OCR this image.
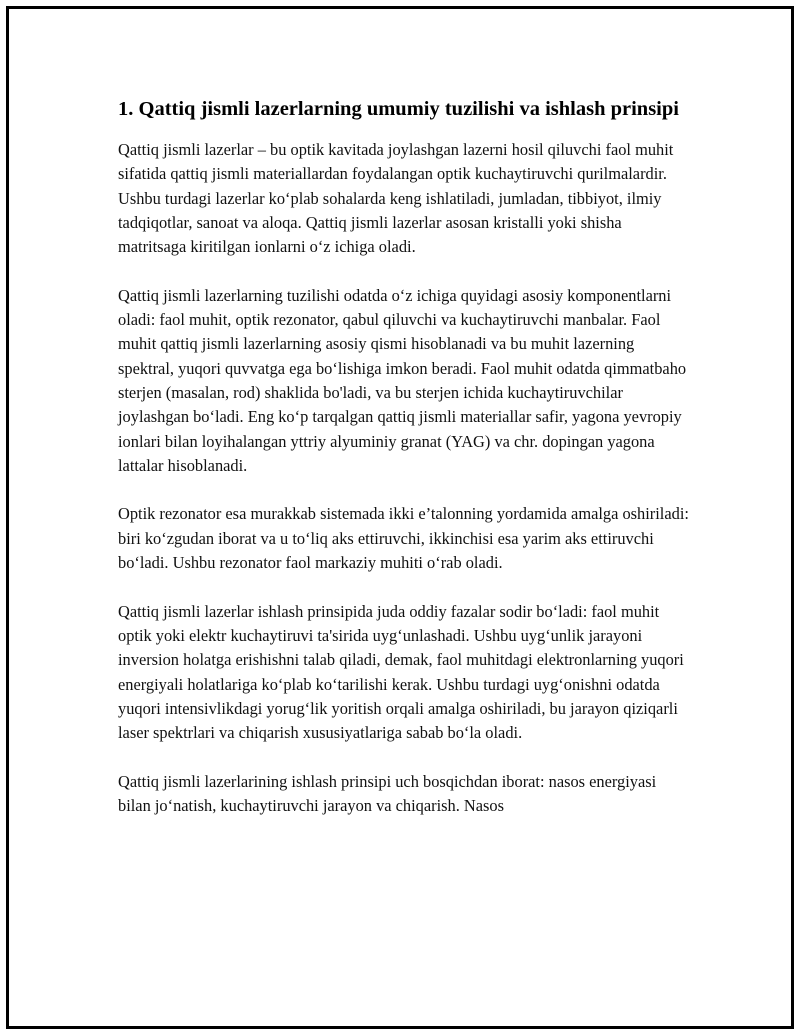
1. Qattiq jismli lazerlarning umumiy tuzilishi va ishlash prinsipi

Qattiq jismli lazerlar – bu optik kavitada joylashgan lazerni hosil qiluvchi faol muhit sifatida qattiq jismli materiallardan foydalangan optik kuchaytiruvchi qurilmalardir. Ushbu turdagi lazerlar ko‘plab sohalarda keng ishlatiladi, jumladan, tibbiyot, ilmiy tadqiqotlar, sanoat va aloqa. Qattiq jismli lazerlar asosan kristalli yoki shisha matritsaga kiritilgan ionlarni o‘z ichiga oladi.

Qattiq jismli lazerlarning tuzilishi odatda o‘z ichiga quyidagi asosiy komponentlarni oladi: faol muhit, optik rezonator, qabul qiluvchi va kuchaytiruvchi manbalar. Faol muhit qattiq jismli lazerlarning asosiy qismi hisoblanadi va bu muhit lazerning spektral, yuqori quvvatga ega bo‘lishiga imkon beradi. Faol muhit odatda qimmatbaho sterjen (masalan, rod) shaklida bo'ladi, va bu sterjen ichida kuchaytiruvchilar joylashgan bo‘ladi. Eng ko‘p tarqalgan qattiq jismli materiallar safir, yagona yevropiy ionlari bilan loyihalangan yttriy alyuminiy granat (YAG) va chr. dopingan yagona lattalar hisoblanadi.

Optik rezonator esa murakkab sistemada ikki e’talonning yordamida amalga oshiriladi: biri ko‘zgudan iborat va u to‘liq aks ettiruvchi, ikkinchisi esa yarim aks ettiruvchi bo‘ladi. Ushbu rezonator faol markaziy muhiti o‘rab oladi.

Qattiq jismli lazerlar ishlash prinsipida juda oddiy fazalar sodir bo‘ladi: faol muhit optik yoki elektr kuchaytiruvi ta'sirida uyg‘unlashadi. Ushbu uyg‘unlik jarayoni inversion holatga erishishni talab qiladi, demak, faol muhitdagi elektronlarning yuqori energiyali holatlariga ko‘plab ko‘tarilishi kerak. Ushbu turdagi uyg‘onishni odatda yuqori intensivlikdagi yorug‘lik yoritish orqali amalga oshiriladi, bu jarayon qiziqarli laser spektrlari va chiqarish xususiyatlariga sabab bo‘la oladi.

Qattiq jismli lazerlarining ishlash prinsipi uch bosqichdan iborat: nasos energiyasi bilan jo‘natish, kuchaytiruvchi jarayon va chiqarish. Nasos
